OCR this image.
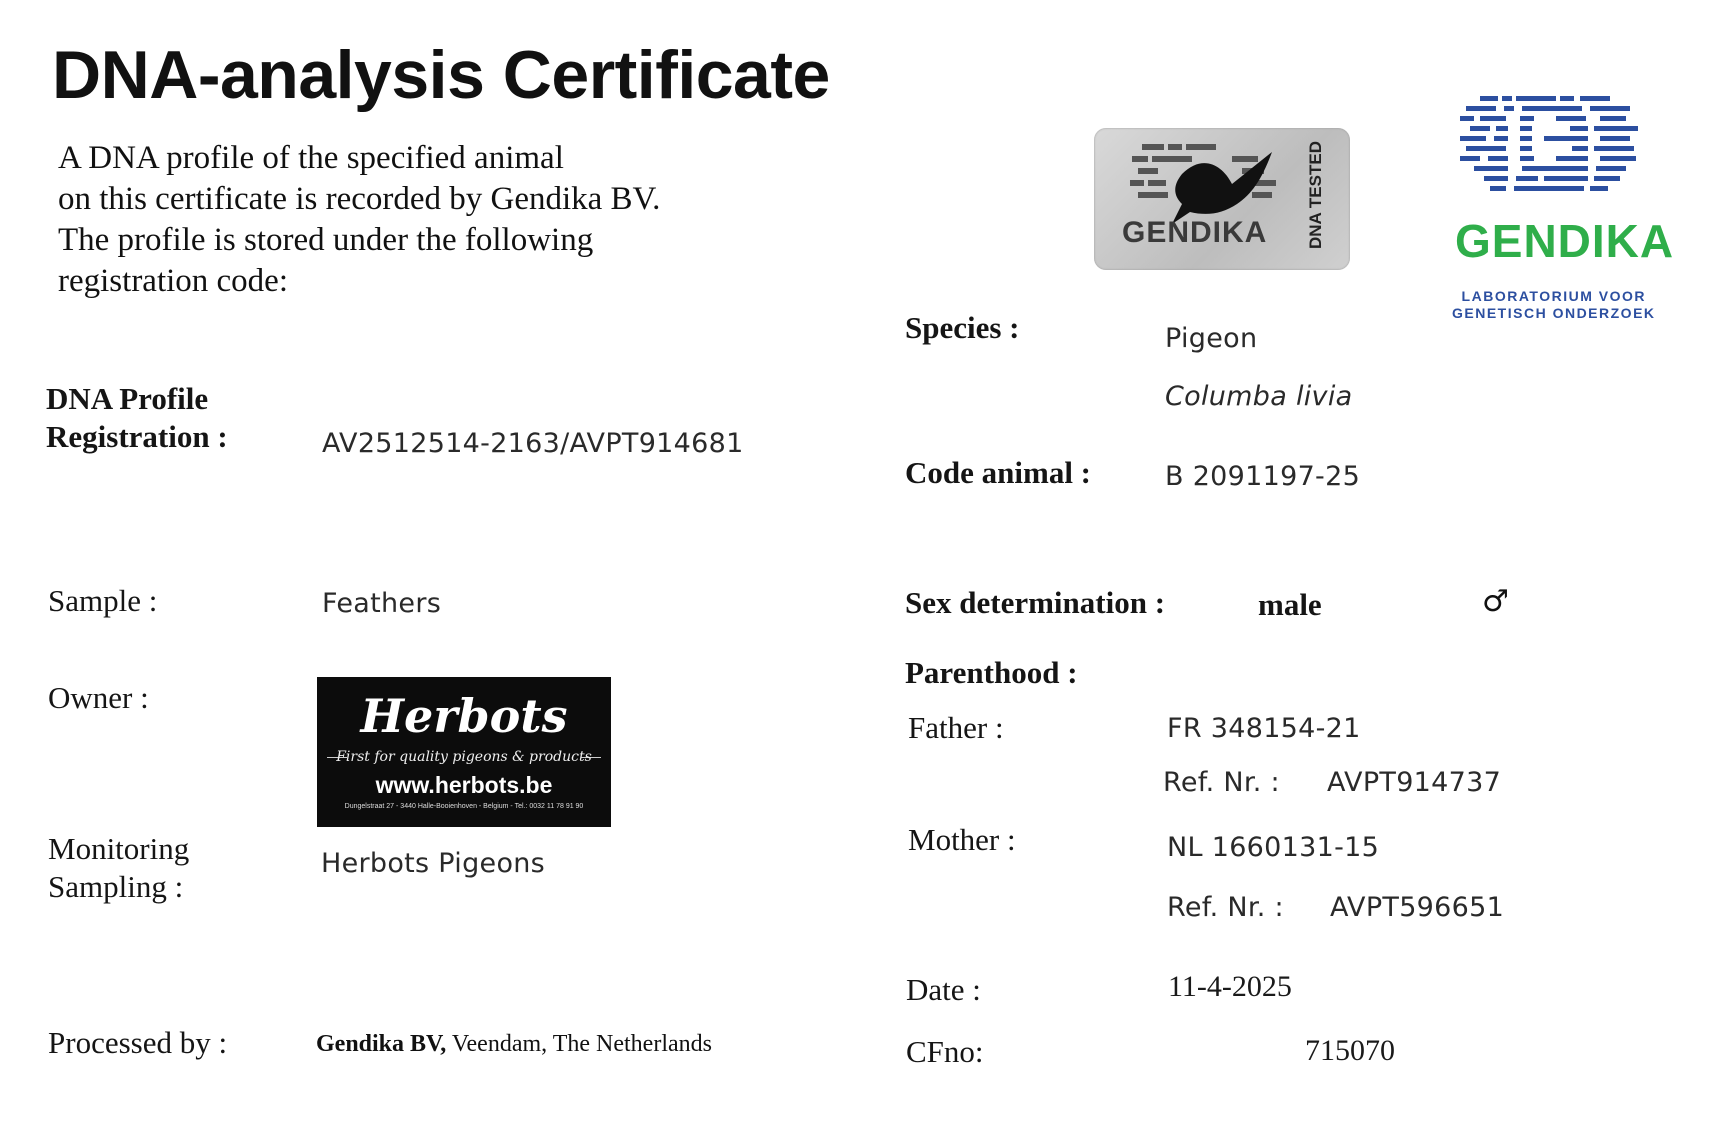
DNA-analysis Certificate
A DNA profile of the specified animal
on this certificate is recorded by Gendika BV.
The profile is stored under the following
registration code:
GENDIKA DNA TESTED	GENDIKA
LABORATORIUM VOOR
GENETISCH ONDERZOEK
DNA Profile
Registration :	AV2512514-2163/AVPT914681
Sample :	Feathers
Owner :	Herbots
First for quality pigeons & products
www.herbots.be
Dungelstraat 27 - 3440 Halle-Booienhoven - Belgium - Tel.: 0032 11 78 91 90
Monitoring
Sampling :
Herbots Pigeons
Processed by :	Gendika BV, Veendam, The Netherlands
Species :	Pigeon
Columba livia
Code animal :	B 2091197-25
Sex determination :	male	♂
Parenthood :
Father :	FR 348154-21
Ref. Nr. : AVPT914737
Mother :	NL 1660131-15
Ref. Nr. : AVPT596651
Date :	11-4-2025
CFno:	715070
